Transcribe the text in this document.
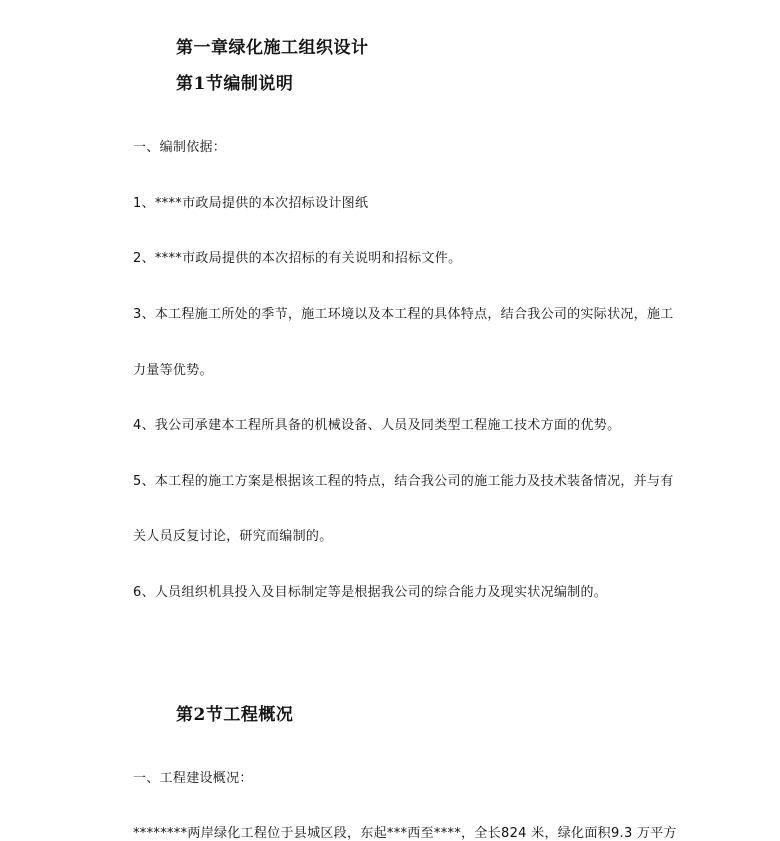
第一章绿化施工组织设计
第1节编制说明
一、编制依据：
1、****市政局提供的本次招标设计图纸
2、****市政局提供的本次招标的有关说明和招标文件。
3、本工程施工所处的季节，施工环境以及本工程的具体特点，结合我公司的实际状况，施工
力量等优势。
4、我公司承建本工程所具备的机械设备、人员及同类型工程施工技术方面的优势。
5、本工程的施工方案是根据该工程的特点，结合我公司的施工能力及技术装备情况，并与有
关人员反复讨论，研究而编制的。
6、人员组织机具投入及目标制定等是根据我公司的综合能力及现实状况编制的。
第2节工程概况
一、工程建设概况：
********两岸绿化工程位于县城区段，东起***西至****，全长824 米，绿化面积9.3 万平方
